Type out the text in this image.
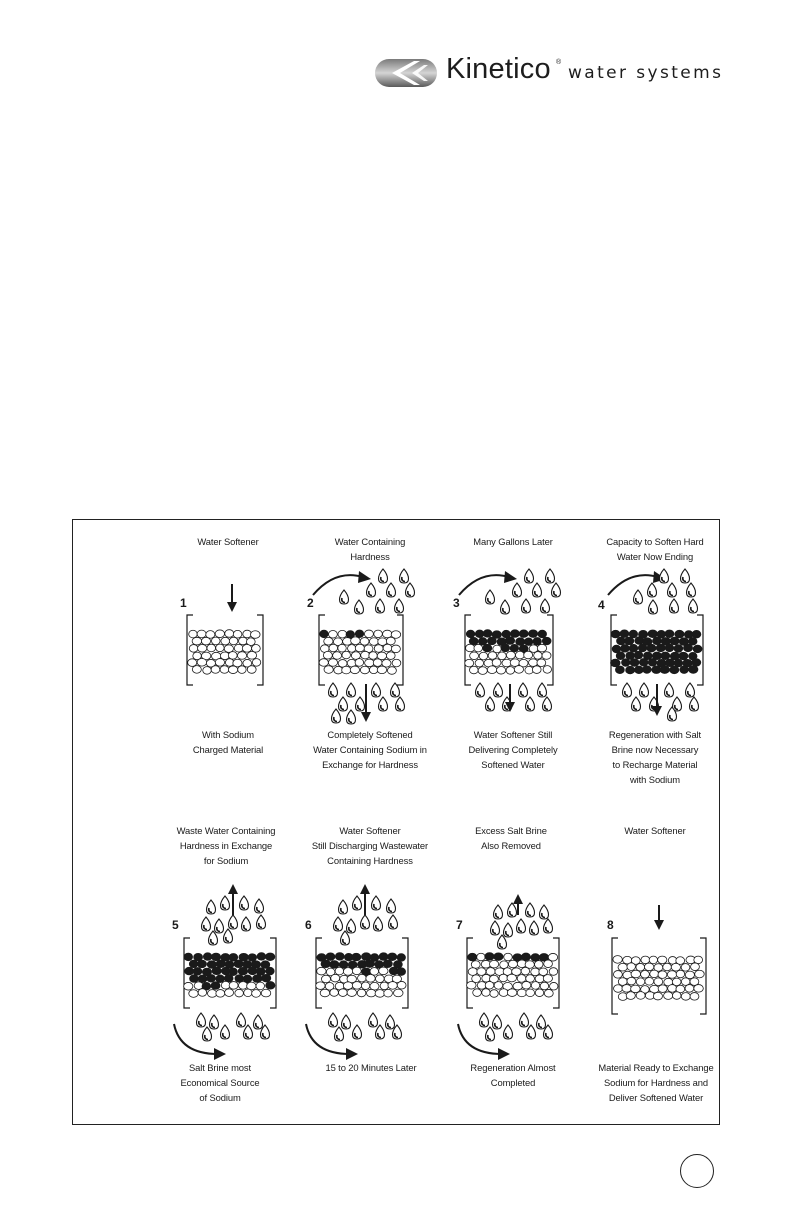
Kinetico ®
water systems
Water Softener	Water Containing
Hardness
Many Gallons Later	Capacity to Soften Hard
Water Now Ending
With Sodium
Charged Material
Completely Softened
Water Containing Sodium in
Exchange for Hardness
Water Softener Still
Delivering Completely
Softened Water
Regeneration with Salt
Brine now Necessary
to Recharge Material
with Sodium
Waste Water Containing
Hardness in Exchange
for Sodium
Water Softener
Still Discharging Wastewater
Containing Hardness
Excess Salt Brine
Also Removed
Water Softener
Salt Brine most
Economical Source
of Sodium
15 to 20 Minutes Later	Regeneration Almost
Completed
Material Ready to Exchange
Sodium for Hardness and
Deliver Softened Water
1	2	3	4
5	6	7	8
